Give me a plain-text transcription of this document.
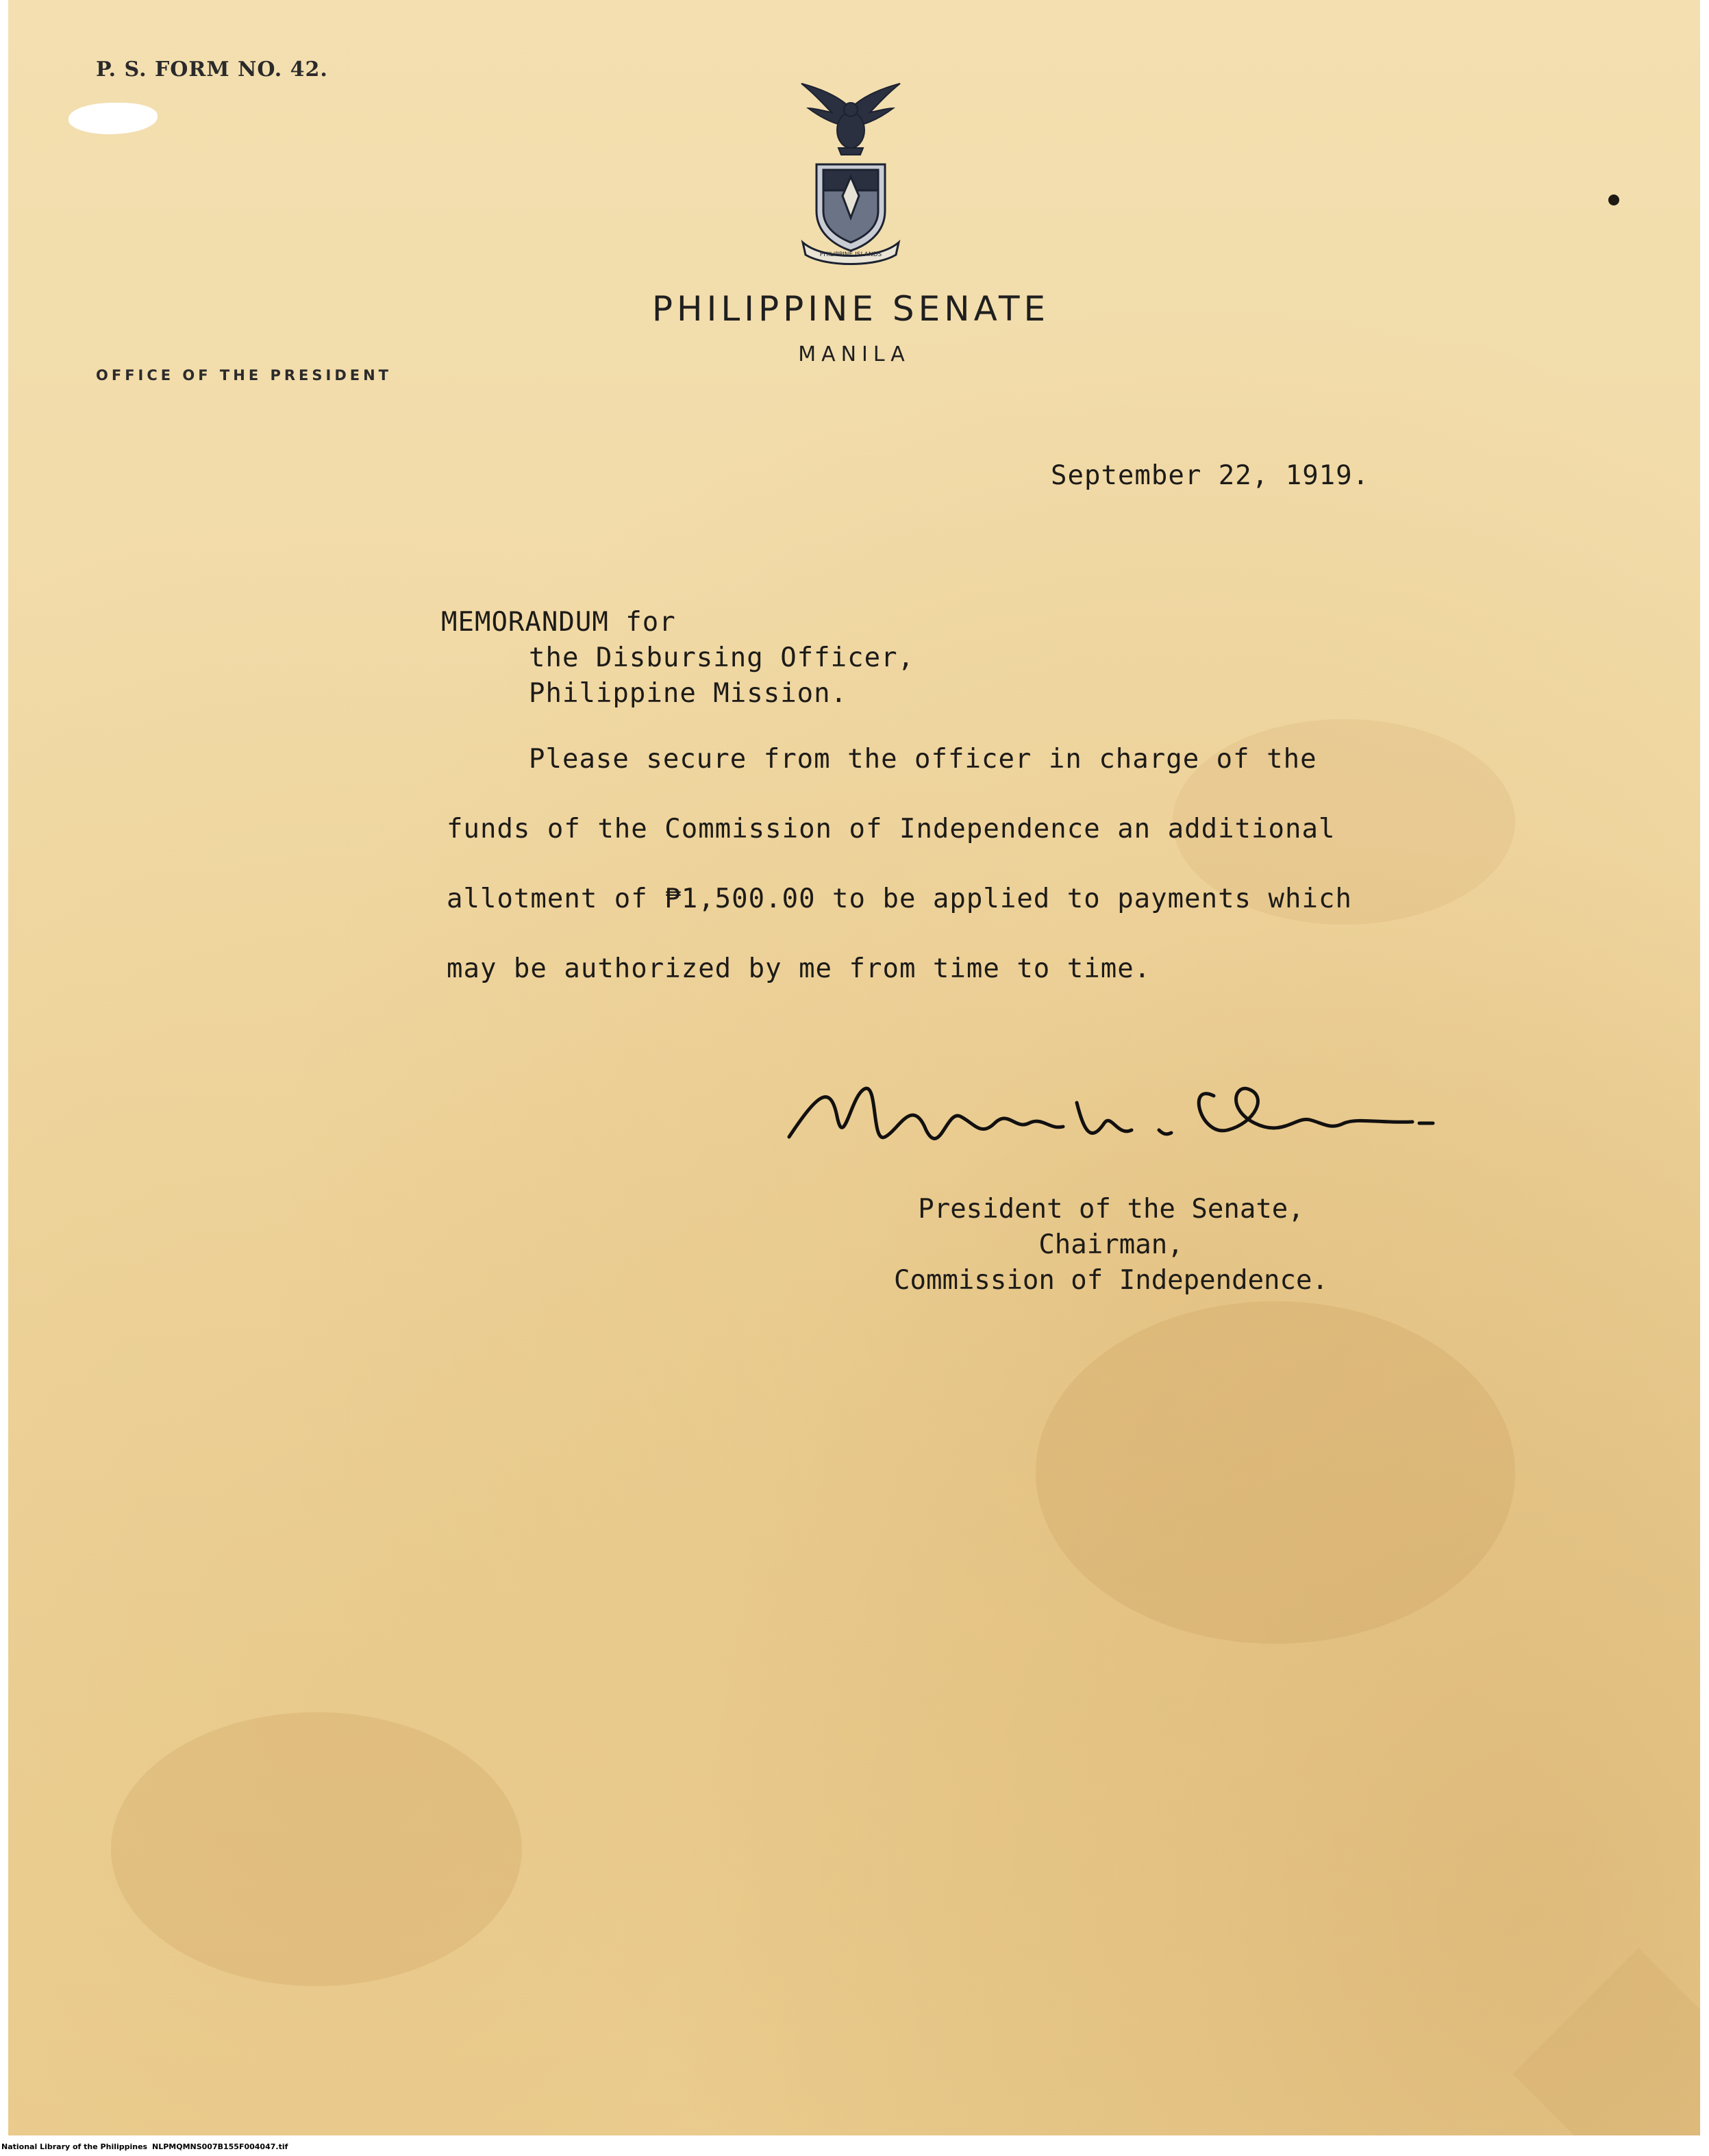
P. S. FORM NO. 42.
PHILIPPINE ISLANDS
PHILIPPINE SENATE
MANILA
OFFICE OF THE PRESIDENT
September 22, 1919.
MEMORANDUM for
the Disbursing Officer,
Philippine Mission.
Please secure from the officer in charge of the
funds of the Commission of Independence an additional
allotment of ₱1,500.00 to be applied to payments which
may be authorized by me from time to time.
President of the Senate,
Chairman,
Commission of Independence.
National Library of the Philippines NLPMQMNS007B155F004047.tif
